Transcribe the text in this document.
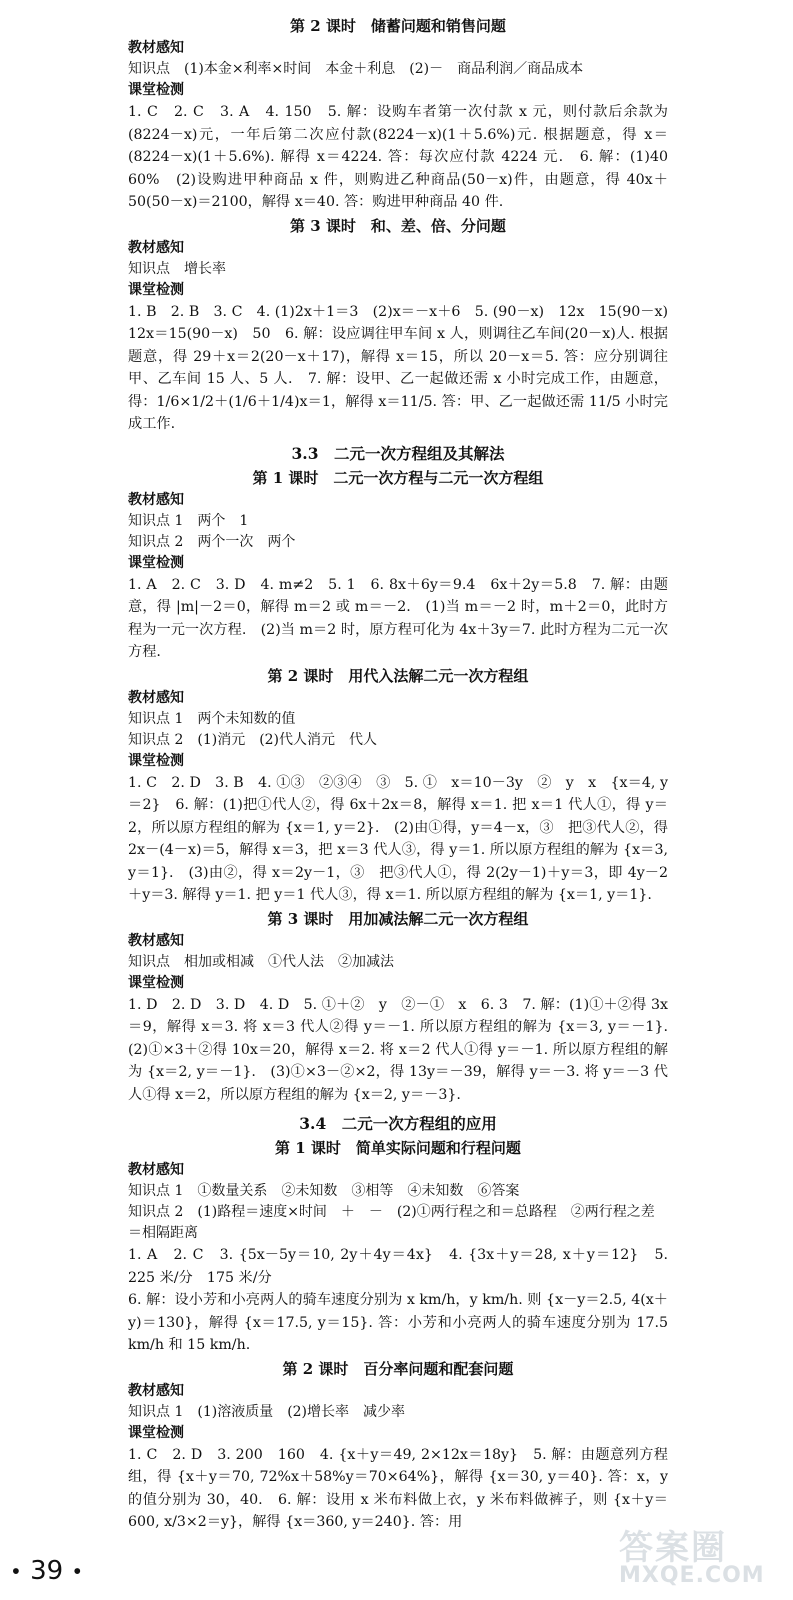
第 2 课时　储蓄问题和销售问题
教材感知
知识点　(1)本金×利率×时间　本金＋利息　(2)－　商品利润／商品成本
课堂检测
1. C　2. C　3. A　4. 150　5. 解：设购车者第一次付款 x 元，则付款后余款为(8224－x)元，一年后第二次应付款(8224－x)(1＋5.6%)元. 根据题意，得 x＝(8224－x)(1＋5.6%). 解得 x＝4224. 答：每次应付款 4224 元.　6. 解：(1)40　60%　(2)设购进甲种商品 x 件，则购进乙种商品(50－x)件，由题意，得 40x＋50(50－x)＝2100，解得 x＝40. 答：购进甲种商品 40 件.
第 3 课时　和、差、倍、分问题
教材感知
知识点　增长率
课堂检测
1. B　2. B　3. C　4. (1)2x＋1＝3　(2)x＝－x＋6　5. (90－x)　12x　15(90－x)　12x＝15(90－x)　50　6. 解：设应调往甲车间 x 人，则调往乙车间(20－x)人. 根据题意，得 29＋x＝2(20－x＋17)，解得 x＝15，所以 20－x＝5. 答：应分别调往甲、乙车间 15 人、5 人.　7. 解：设甲、乙一起做还需 x 小时完成工作，由题意，得：1/6×1/2＋(1/6＋1/4)x＝1，解得 x＝11/5. 答：甲、乙一起做还需 11/5 小时完成工作.
3.3　二元一次方程组及其解法
第 1 课时　二元一次方程与二元一次方程组
教材感知
知识点 1　两个　1
知识点 2　两个一次　两个
课堂检测
1. A　2. C　3. D　4. m≠2　5. 1　6. 8x＋6y＝9.4　6x＋2y＝5.8　7. 解：由题意，得 |m|－2＝0，解得 m＝2 或 m＝－2.　(1)当 m＝－2 时，m＋2＝0，此时方程为一元一次方程.　(2)当 m＝2 时，原方程可化为 4x＋3y＝7. 此时方程为二元一次方程.
第 2 课时　用代入法解二元一次方程组
教材感知
知识点 1　两个未知数的值
知识点 2　(1)消元　(2)代人消元　代人
课堂检测
1. C　2. D　3. B　4. ①③　②③④　③　5. ①　x＝10－3y　②　y　x　{x＝4, y＝2}　6. 解：(1)把①代人②，得 6x＋2x＝8，解得 x＝1. 把 x＝1 代人①，得 y＝2，所以原方程组的解为 {x＝1, y＝2}.　(2)由①得，y＝4－x，③　把③代人②，得 2x－(4－x)＝5，解得 x＝3，把 x＝3 代人③，得 y＝1. 所以原方程组的解为 {x＝3, y＝1}.　(3)由②，得 x＝2y－1，③　把③代人①，得 2(2y－1)＋y＝3，即 4y－2＋y＝3. 解得 y＝1. 把 y＝1 代人③，得 x＝1. 所以原方程组的解为 {x＝1, y＝1}.
第 3 课时　用加减法解二元一次方程组
教材感知
知识点　相加或相减　①代人法　②加减法
课堂检测
1. D　2. D　3. D　4. D　5. ①＋②　y　②－①　x　6. 3　7. 解：(1)①＋②得 3x＝9，解得 x＝3. 将 x＝3 代人②得 y＝－1. 所以原方程组的解为 {x＝3, y＝－1}.　(2)①×3＋②得 10x＝20，解得 x＝2. 将 x＝2 代人①得 y＝－1. 所以原方程组的解为 {x＝2, y＝－1}.　(3)①×3－②×2，得 13y＝－39，解得 y＝－3. 将 y＝－3 代人①得 x＝2，所以原方程组的解为 {x＝2, y＝－3}.
3.4　二元一次方程组的应用
第 1 课时　简单实际问题和行程问题
教材感知
知识点 1　①数量关系　②未知数　③相等　④未知数　⑥答案
知识点 2　(1)路程＝速度×时间　＋　－　(2)①两行程之和＝总路程　②两行程之差＝相隔距离
1. A　2. C　3. {5x－5y＝10, 2y＋4y＝4x}　4. {3x＋y＝28, x＋y＝12}　5. 225 米/分　175 米/分
6. 解：设小芳和小亮两人的骑车速度分别为 x km/h，y km/h. 则 {x－y＝2.5, 4(x＋y)＝130}，解得 {x＝17.5, y＝15}. 答：小芳和小亮两人的骑车速度分别为 17.5 km/h 和 15 km/h.
第 2 课时　百分率问题和配套问题
教材感知
知识点 1　(1)溶液质量　(2)增长率　减少率
课堂检测
1. C　2. D　3. 200　160　4. {x＋y＝49, 2×12x＝18y}　5. 解：由题意列方程组，得 {x＋y＝70, 72%x＋58%y＝70×64%}，解得 {x＝30, y＝40}. 答：x，y 的值分别为 30，40.　6. 解：设用 x 米布料做上衣，y 米布料做裤子，则 {x＋y＝600, x/3×2＝y}，解得 {x＝360, y＝240}. 答：用
• 39 •
答案圈
MXQE.COM
